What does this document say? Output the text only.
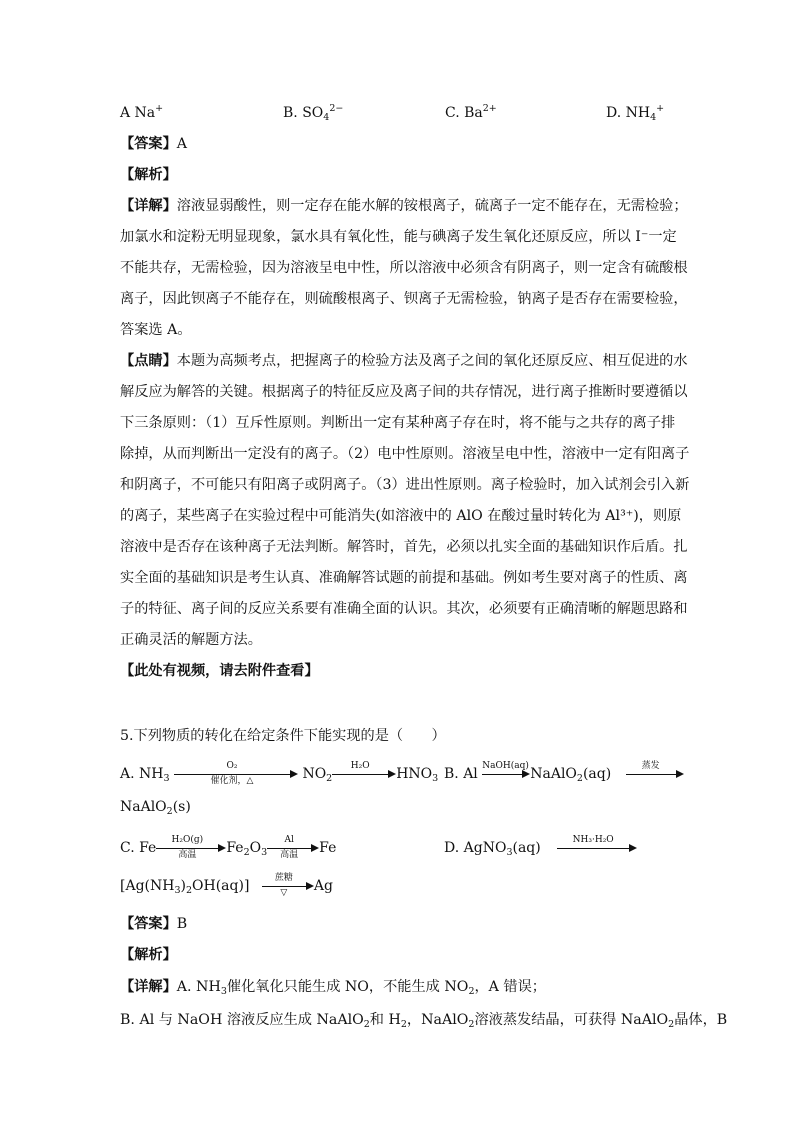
A Na+	B. $SO_4^{2-}$	C. $Ba^{2+}$	D. $NH_4^+$
【答案】A
【解析】
【详解】溶液显弱酸性，则一定存在能水解的铵根离子，硫离子一定不能存在，无需检验；
加氯水和淀粉无明显现象，氯水具有氧化性，能与碘离子发生氧化还原反应，所以 I⁻一定
不能共存，无需检验，因为溶液呈电中性，所以溶液中必须含有阴离子，则一定含有硫酸根
离子，因此钡离子不能存在，则硫酸根离子、钡离子无需检验，钠离子是否存在需要检验，
答案选 A。
【点睛】本题为高频考点，把握离子的检验方法及离子之间的氧化还原反应、相互促进的水
解反应为解答的关键。根据离子的特征反应及离子间的共存情况，进行离子推断时要遵循以
下三条原则：（1）互斥性原则。判断出一定有某种离子存在时，将不能与之共存的离子排
除掉，从而判断出一定没有的离子。（2）电中性原则。溶液呈电中性，溶液中一定有阳离子
和阴离子，不可能只有阳离子或阴离子。（3）进出性原则。离子检验时，加入试剂会引入新
的离子，某些离子在实验过程中可能消失(如溶液中的 AlO 在酸过量时转化为 Al³⁺)，则原
溶液中是否存在该种离子无法判断。解答时，首先，必须以扎实全面的基础知识作后盾。扎
实全面的基础知识是考生认真、准确解答试题的前提和基础。例如考生要对离子的性质、离
子的特征、离子间的反应关系要有准确全面的认识。其次，必须要有正确清晰的解题思路和
正确灵活的解题方法。
【此处有视频，请去附件查看】
5.下列物质的转化在给定条件下能实现的是（　　）
A. $NH_3$
O₂
催化剂，△	$NO_2$
H₂O	$HNO_3$ B. Al NaOH(aq) NaAlO$_2$(aq)	蒸发
NaAlO$_2$(s)
C. Fe	H₂O(g)
高温	$Fe_2O_3$
Al
高温	Fe	D. AgNO$_3$(aq)	NH₃·H₂O
$[Ag(NH_3)_2OH(aq)]$	蔗糖
▽	Ag
【答案】B
【解析】
【详解】A. $NH_3$催化氧化只能生成 NO，不能生成 $NO_2$，A 错误；
B. Al 与 NaOH 溶液反应生成 NaAlO$_2$和 $H_2$，NaAlO$_2$溶液蒸发结晶，可获得 NaAlO$_2$晶体，B
